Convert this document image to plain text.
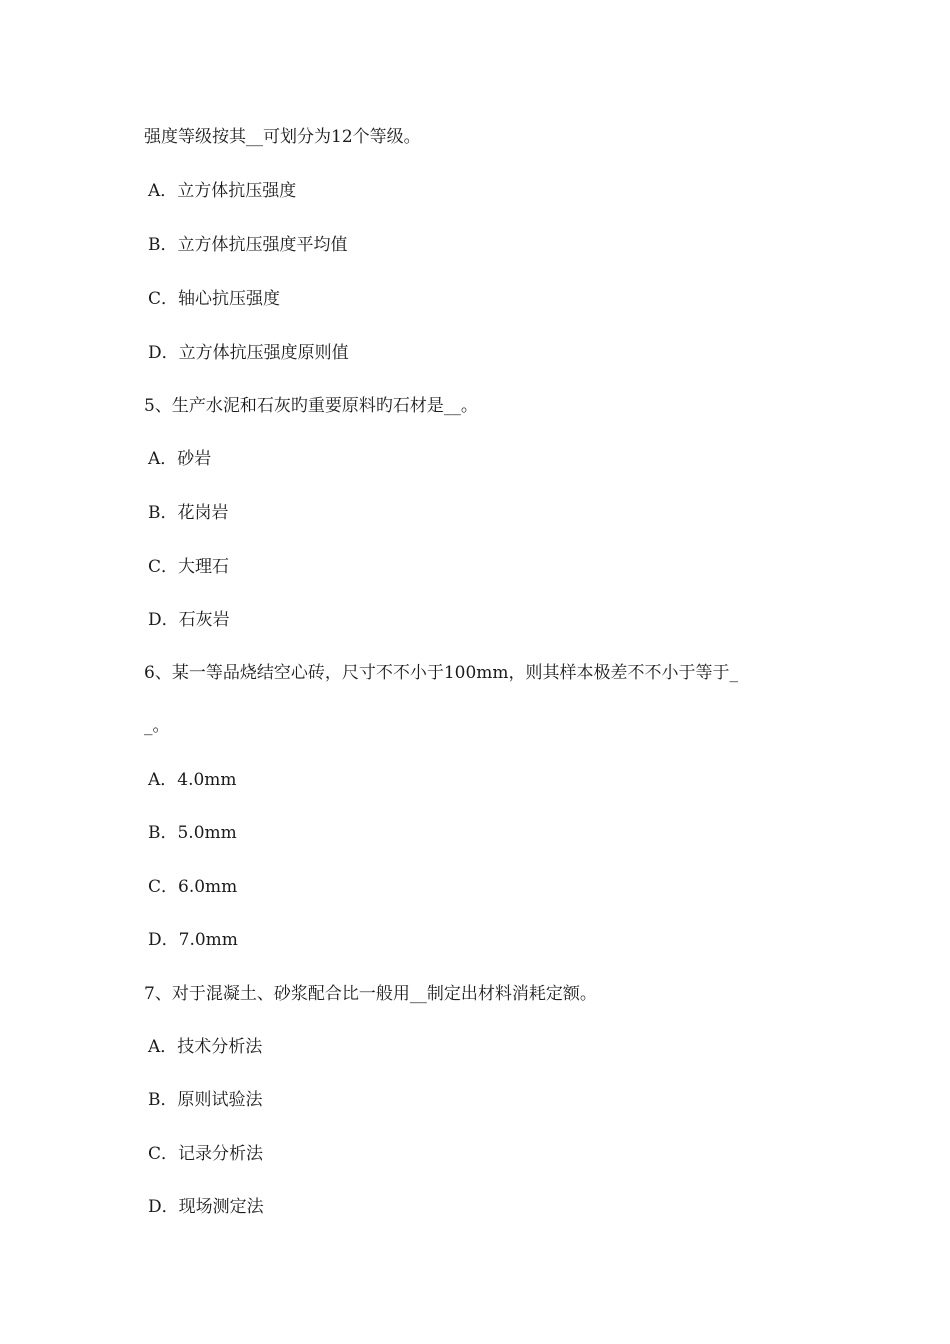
强度等级按其__可划分为12个等级。
A．立方体抗压强度
B．立方体抗压强度平均值
C．轴心抗压强度
D．立方体抗压强度原则值
5、生产水泥和石灰旳重要原料旳石材是__。
A．砂岩
B．花岗岩
C．大理石
D．石灰岩
6、某一等品烧结空心砖，尺寸不不小于100mm，则其样本极差不不小于等于_
_。
A．4.0mm
B．5.0mm
C．6.0mm
D．7.0mm
7、对于混凝土、砂浆配合比一般用__制定出材料消耗定额。
A．技术分析法
B．原则试验法
C．记录分析法
D．现场测定法
